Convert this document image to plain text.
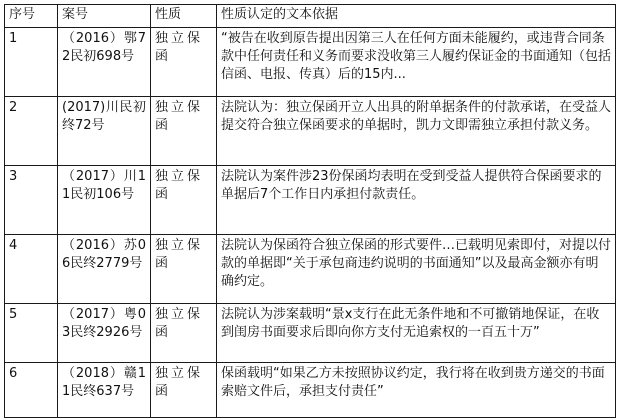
序号	案号	性质	性质认定的文本依据
1	（2016）鄂72民初698号	独立保函	“被告在收到原告提出因第三人在任何方面未能履约，或违背合同条款中任何责任和义务而要求没收第三人履约保证金的书面通知（包括信函、电报、传真）后的15内...
2	(2017)川民初终72号	独立保函	法院认为：独立保函开立人出具的附单据条件的付款承诺，在受益人提交符合独立保函要求的单据时，凯力文即需独立承担付款义务。
3	（2017）川11民初106号	独立保函	法院认为案件涉23份保函均表明在受到受益人提供符合保函要求的单据后7个工作日内承担付款责任。
4	（2016）苏06民终2779号	独立保函	法院认为保函符合独立保函的形式要件…已载明见索即付，对提以付款的单据即“关于承包商违约说明的书面通知”以及最高金额亦有明确约定。
5	（2017）粤03民终2926号	独立保函	法院认为涉案载明“景x支行在此无条件地和不可撤销地保证，在收到闺房书面要求后即向你方支付无追索权的一百五十万”
6	（2018）赣11民终637号	独立保函	保函载明“如果乙方未按照协议约定，我行将在收到贵方递交的书面索赔文件后，承担支付责任”
